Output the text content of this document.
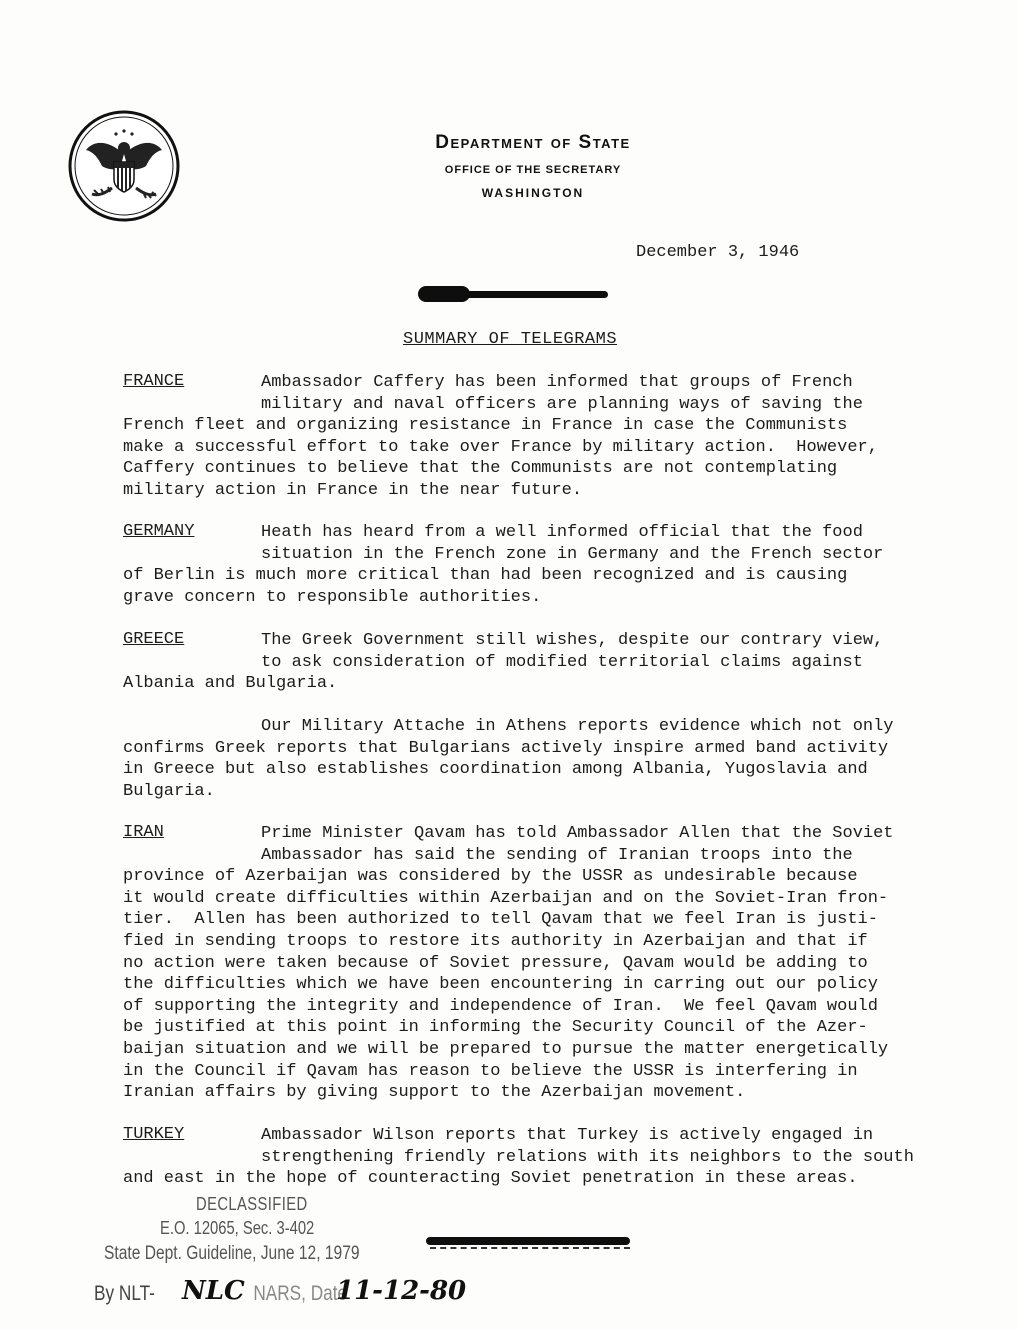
Department of State
OFFICE OF THE SECRETARY
WASHINGTON
December 3, 1946
SUMMARY OF TELEGRAMS
FRANCE	Ambassador Caffery has been informed that groups of French
military and naval officers are planning ways of saving the
French fleet and organizing resistance in France in case the Communists
make a successful effort to take over France by military action.  However,
Caffery continues to believe that the Communists are not contemplating
military action in France in the near future.
GERMANY	Heath has heard from a well informed official that the food
situation in the French zone in Germany and the French sector
of Berlin is much more critical than had been recognized and is causing
grave concern to responsible authorities.
GREECE	The Greek Government still wishes, despite our contrary view,
to ask consideration of modified territorial claims against
Albania and Bulgaria.
Our Military Attache in Athens reports evidence which not only
confirms Greek reports that Bulgarians actively inspire armed band activity
in Greece but also establishes coordination among Albania, Yugoslavia and
Bulgaria.
IRAN	Prime Minister Qavam has told Ambassador Allen that the Soviet
Ambassador has said the sending of Iranian troops into the
province of Azerbaijan was considered by the USSR as undesirable because
it would create difficulties within Azerbaijan and on the Soviet-Iran fron-
tier.  Allen has been authorized to tell Qavam that we feel Iran is justi-
fied in sending troops to restore its authority in Azerbaijan and that if
no action were taken because of Soviet pressure, Qavam would be adding to
the difficulties which we have been encountering in carring out our policy
of supporting the integrity and independence of Iran.  We feel Qavam would
be justified at this point in informing the Security Council of the Azer-
baijan situation and we will be prepared to pursue the matter energetically
in the Council if Qavam has reason to believe the USSR is interfering in
Iranian affairs by giving support to the Azerbaijan movement.
TURKEY	Ambassador Wilson reports that Turkey is actively engaged in
strengthening friendly relations with its neighbors to the south
and east in the hope of counteracting Soviet penetration in these areas.
DECLASSIFIED
E.O. 12065, Sec. 3-402
State Dept. Guideline, June 12, 1979
By NLT-	NARS, Date
NLC	11-12-80
